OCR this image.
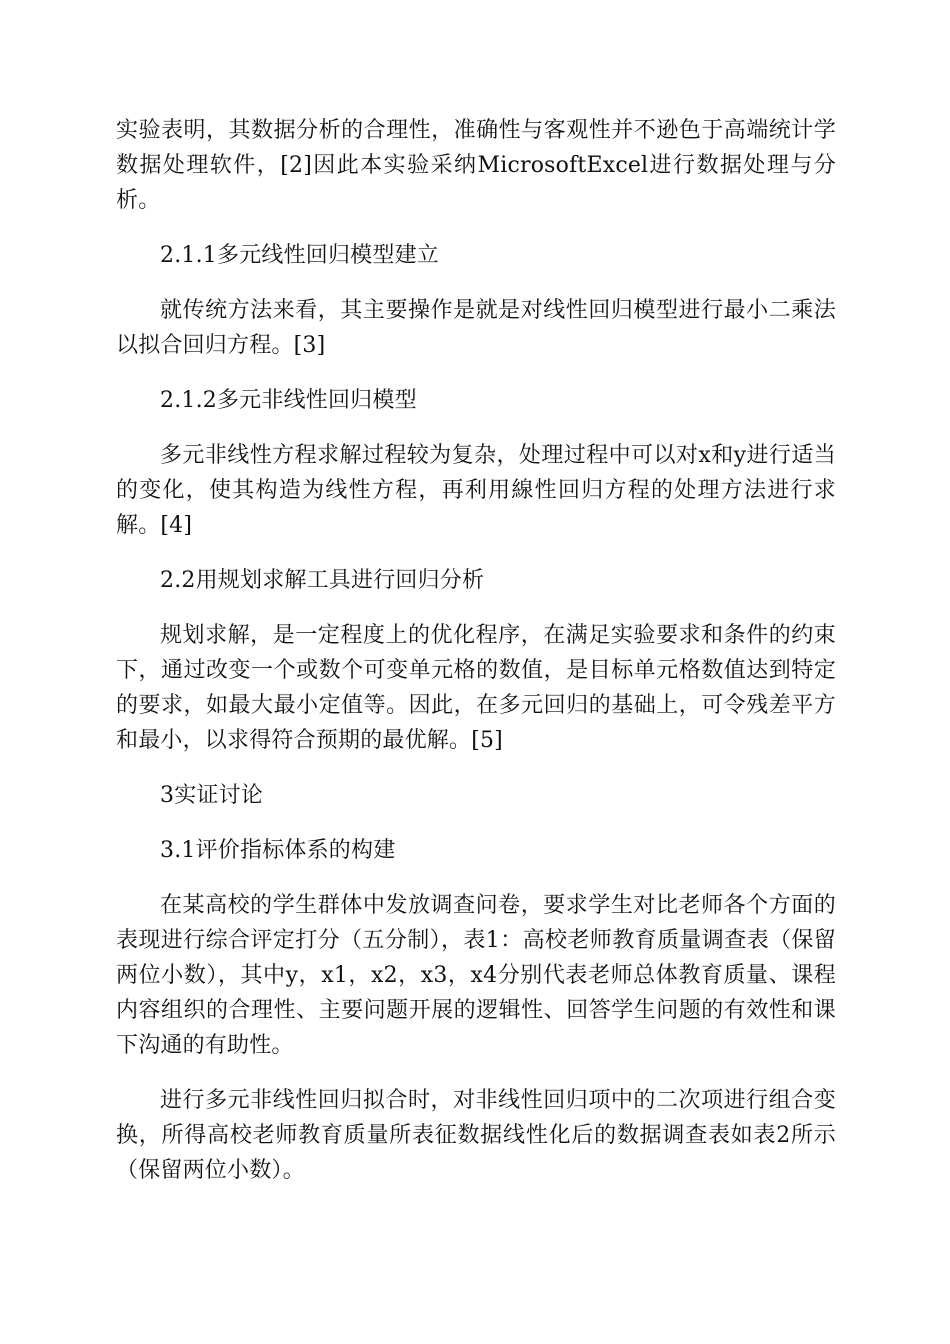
实验表明，其数据分析的合理性，准确性与客观性并不逊色于高端统计学数据处理软件，[2]因此本实验采纳MicrosoftExcel进行数据处理与分析。

2.1.1多元线性回归模型建立

就传统方法来看，其主要操作是就是对线性回归模型进行最小二乘法以拟合回归方程。[3]

2.1.2多元非线性回归模型

多元非线性方程求解过程较为复杂，处理过程中可以对x和y进行适当的变化，使其构造为线性方程，再利用線性回归方程的处理方法进行求解。[4]

2.2用规划求解工具进行回归分析

规划求解，是一定程度上的优化程序，在满足实验要求和条件的约束下，通过改变一个或数个可变单元格的数值，是目标单元格数值达到特定的要求，如最大最小定值等。因此，在多元回归的基础上，可令残差平方和最小，以求得符合预期的最优解。[5]

3实证讨论

3.1评价指标体系的构建

在某高校的学生群体中发放调查问卷，要求学生对比老师各个方面的表现进行综合评定打分（五分制），表1：高校老师教育质量调查表（保留两位小数），其中y，x1，x2，x3，x4分别代表老师总体教育质量、课程内容组织的合理性、主要问题开展的逻辑性、回答学生问题的有效性和课下沟通的有助性。

进行多元非线性回归拟合时，对非线性回归项中的二次项进行组合变换，所得高校老师教育质量所表征数据线性化后的数据调查表如表2所示（保留两位小数）。
